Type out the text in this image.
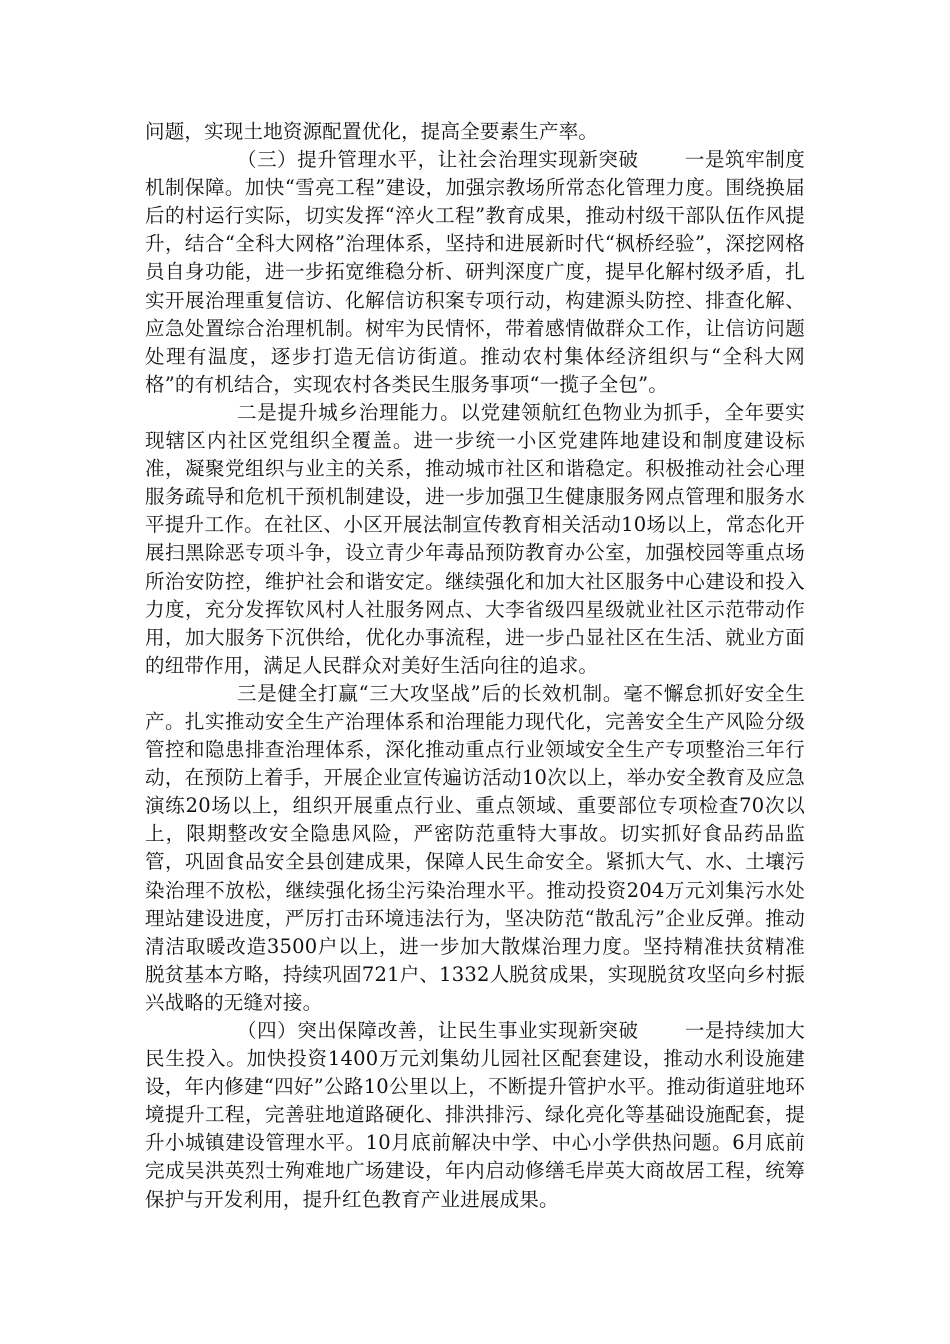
问题，实现土地资源配置优化，提高全要素生产率。

（三）提升管理水平，让社会治理实现新突破 一是筑牢制度机制保障。加快“雪亮工程”建设，加强宗教场所常态化管理力度。围绕换届后的村运行实际，切实发挥“淬火工程”教育成果，推动村级干部队伍作风提升，结合“全科大网格”治理体系，坚持和进展新时代“枫桥经验”，深挖网格员自身功能，进一步拓宽维稳分析、研判深度广度，提早化解村级矛盾，扎实开展治理重复信访、化解信访积案专项行动，构建源头防控、排查化解、应急处置综合治理机制。树牢为民情怀，带着感情做群众工作，让信访问题处理有温度，逐步打造无信访街道。推动农村集体经济组织与“全科大网格”的有机结合，实现农村各类民生服务事项“一揽子全包”。

二是提升城乡治理能力。以党建领航红色物业为抓手，全年要实现辖区内社区党组织全覆盖。进一步统一小区党建阵地建设和制度建设标准，凝聚党组织与业主的关系，推动城市社区和谐稳定。积极推动社会心理服务疏导和危机干预机制建设，进一步加强卫生健康服务网点管理和服务水平提升工作。在社区、小区开展法制宣传教育相关活动10场以上，常态化开展扫黑除恶专项斗争，设立青少年毒品预防教育办公室，加强校园等重点场所治安防控，维护社会和谐安定。继续强化和加大社区服务中心建设和投入力度，充分发挥钦风村人社服务网点、大李省级四星级就业社区示范带动作用，加大服务下沉供给，优化办事流程，进一步凸显社区在生活、就业方面的纽带作用，满足人民群众对美好生活向往的追求。

三是健全打赢“三大攻坚战”后的长效机制。毫不懈怠抓好安全生产。扎实推动安全生产治理体系和治理能力现代化，完善安全生产风险分级管控和隐患排查治理体系，深化推动重点行业领域安全生产专项整治三年行动，在预防上着手，开展企业宣传遍访活动10次以上，举办安全教育及应急演练20场以上，组织开展重点行业、重点领域、重要部位专项检查70次以上，限期整改安全隐患风险，严密防范重特大事故。切实抓好食品药品监管，巩固食品安全县创建成果，保障人民生命安全。紧抓大气、水、土壤污染治理不放松，继续强化扬尘污染治理水平。推动投资204万元刘集污水处理站建设进度，严厉打击环境违法行为，坚决防范“散乱污”企业反弹。推动清洁取暖改造3500户以上，进一步加大散煤治理力度。坚持精准扶贫精准脱贫基本方略，持续巩固721户、1332人脱贫成果，实现脱贫攻坚向乡村振兴战略的无缝对接。

（四）突出保障改善，让民生事业实现新突破 一是持续加大民生投入。加快投资1400万元刘集幼儿园社区配套建设，推动水利设施建设，年内修建“四好”公路10公里以上，不断提升管护水平。推动街道驻地环境提升工程，完善驻地道路硬化、排洪排污、绿化亮化等基础设施配套，提升小城镇建设管理水平。10月底前解决中学、中心小学供热问题。6月底前完成吴洪英烈士殉难地广场建设，年内启动修缮毛岸英大商故居工程，统筹保护与开发利用，提升红色教育产业进展成果。
